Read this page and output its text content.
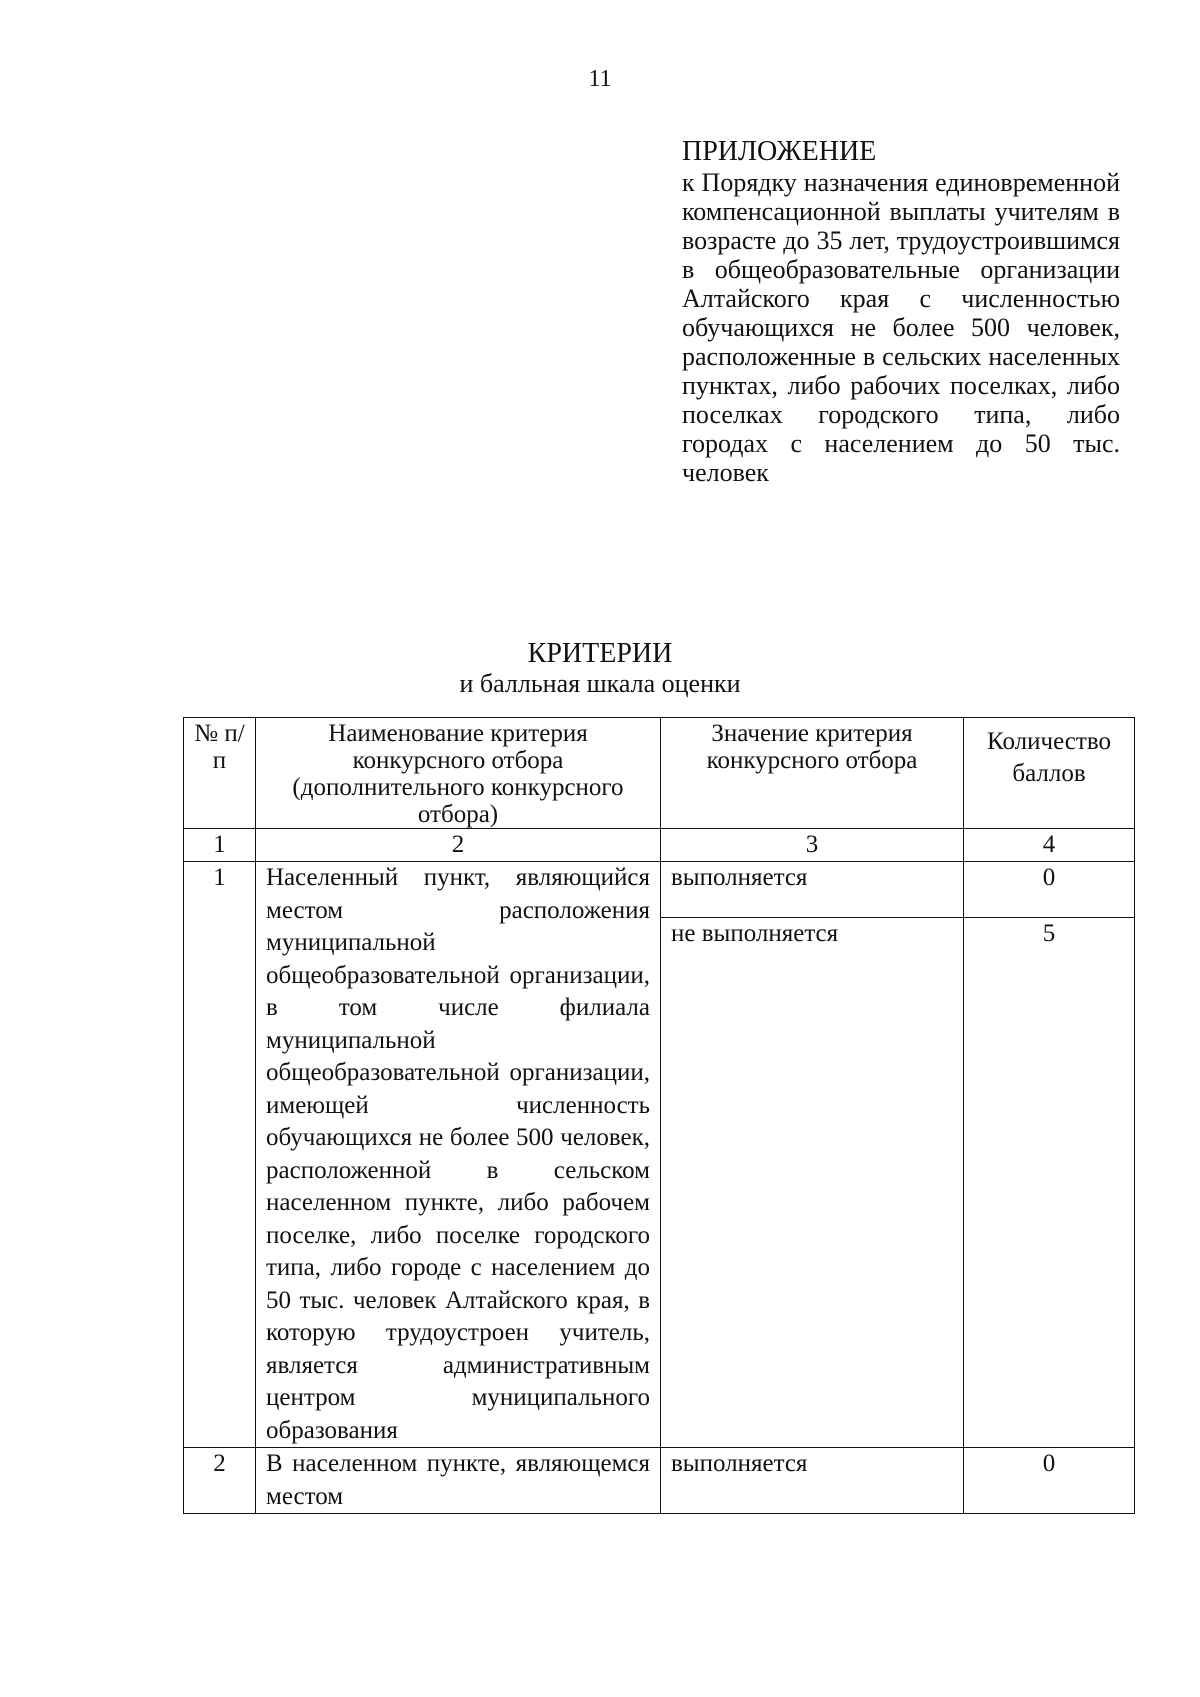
11
ПРИЛОЖЕНИЕ
к Порядку назначения единовременной компенсационной выплаты учителям в возрасте до 35 лет, трудоустроившимся в общеобразовательные организации Алтайского края с численностью обучающихся не более 500 человек, расположенные в сельских населенных пунктах, либо рабочих поселках, либо поселках городского типа, либо городах с населением до 50 тыс. человек
КРИТЕРИИ
и балльная шкала оценки
№ п/п	Наименование критерия конкурсного отбора (дополнительного конкурсного отбора)	Значение критерия конкурсного отбора	Количество баллов
1	2	3	4
1	Населенный пункт, являющийся местом расположения муниципальной общеобразовательной организации, в том числе филиала муниципальной общеобразовательной организации, имеющей численность обучающихся не более 500 человек, расположенной в сельском населенном пункте, либо рабочем поселке, либо поселке городского типа, либо городе с населением до 50 тыс. человек Алтайского края, в которую трудоустроен учитель, является административным центром муниципального образования	выполняется	0
		не выполняется	5
2	В населенном пункте, являющемся местом	выполняется	0
